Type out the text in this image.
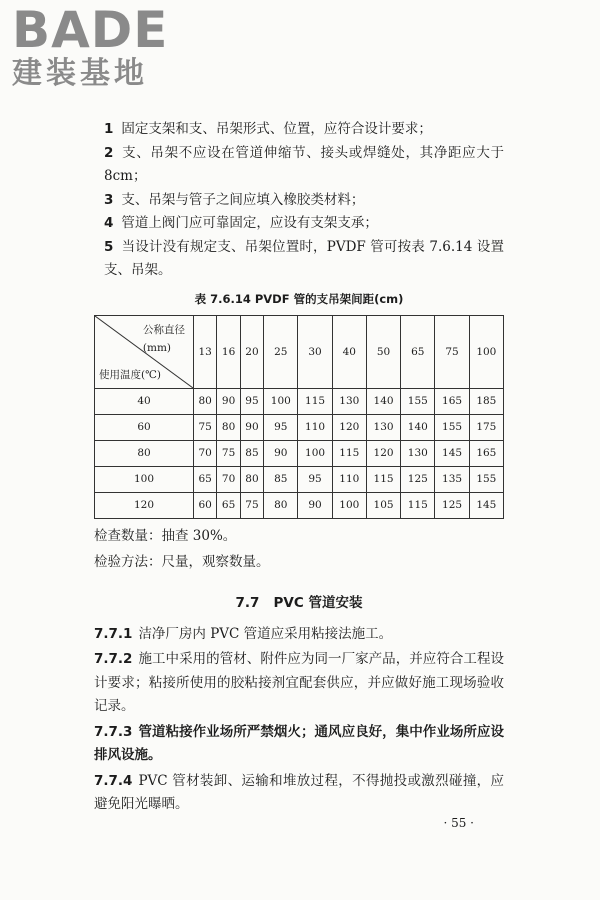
BADE
建装基地

1 固定支架和支、吊架形式、位置，应符合设计要求；

2 支、吊架不应设在管道伸缩节、接头或焊缝处，其净距应大于 8cm；

3 支、吊架与管子之间应填入橡胶类材料；

4 管道上阀门应可靠固定，应设有支架支承；

5 当设计没有规定支、吊架位置时，PVDF 管可按表 7.6.14 设置支、吊架。

表 7.6.14 PVDF 管的支吊架间距(cm)
公称直径
(mm)
使用温度(℃)	13	16	20	25	30	40	50	65	75	100
40	80	90	95	100	115	130	140	155	165	185
60	75	80	90	95	110	120	130	140	155	175
80	70	75	85	90	100	115	120	130	145	165
100	65	70	80	85	95	110	115	125	135	155
120	60	65	75	80	90	100	105	115	125	145

检查数量：抽查 30%。

检验方法：尺量，观察数量。

7.7 PVC 管道安装

7.7.1 洁净厂房内 PVC 管道应采用粘接法施工。

7.7.2 施工中采用的管材、附件应为同一厂家产品，并应符合工程设计要求；粘接所使用的胶粘接剂宜配套供应，并应做好施工现场验收记录。

7.7.3 管道粘接作业场所严禁烟火；通风应良好，集中作业场所应设排风设施。

7.7.4 PVC 管材装卸、运输和堆放过程，不得抛投或激烈碰撞，应避免阳光曝晒。

· 55 ·
